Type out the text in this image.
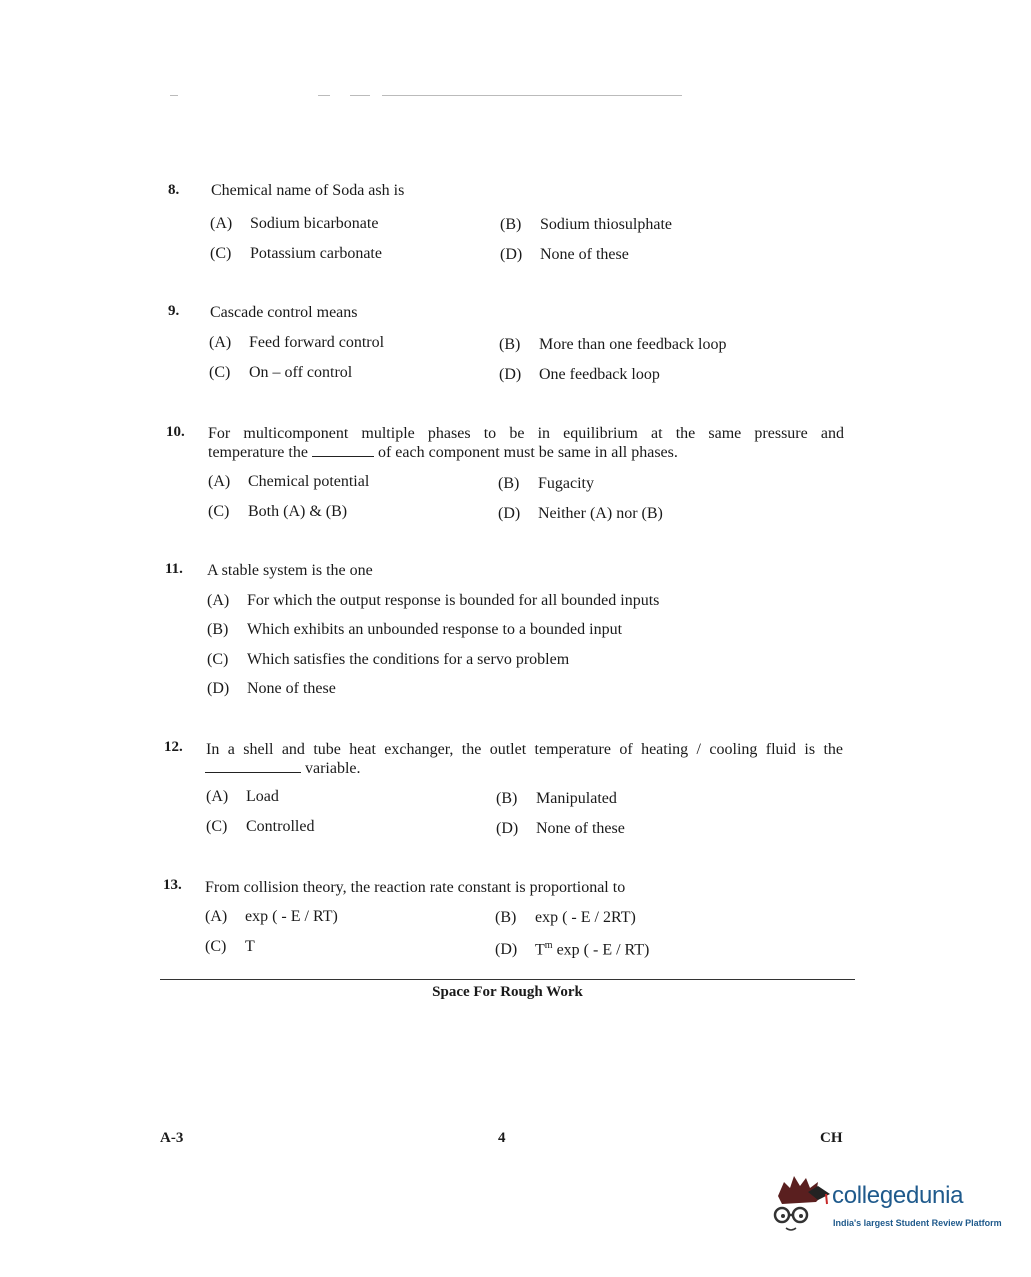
8. Chemical name of Soda ash is
(A) Sodium bicarbonate	(B) Sodium thiosulphate
(C) Potassium carbonate	(D) None of these
9. Cascade control means
(A) Feed forward control	(B) More than one feedback loop
(C) On – off control	(D) One feedback loop
10. For multicomponent multiple phases to be in equilibrium at the same pressure and
temperature the	of each component must be same in all phases.
(A) Chemical potential	(B) Fugacity
(C) Both (A) & (B)	(D) Neither (A) nor (B)
11. A stable system is the one
(A) For which the output response is bounded for all bounded inputs
(B) Which exhibits an unbounded response to a bounded input
(C) Which satisfies the conditions for a servo problem
(D) None of these
12. In a shell and tube heat exchanger, the outlet temperature of heating / cooling fluid is the
variable.
(A) Load	(B) Manipulated
(C) Controlled	(D) None of these
13. From collision theory, the reaction rate constant is proportional to
(A) exp ( - E / RT)	(B) exp ( - E / 2RT)
(C) T	(D) $T^m$ exp ( - E / RT)
Space For Rough Work
A-3	4	CH
collegedunia
India's largest Student Review Platform
